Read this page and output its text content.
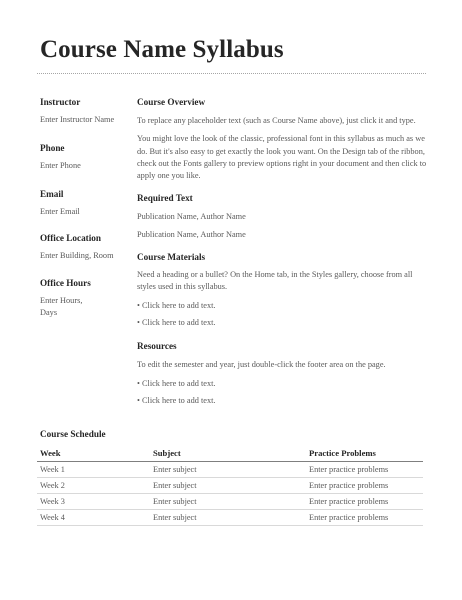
Course Name Syllabus
Instructor

Enter Instructor Name

Phone

Enter Phone

Email

Enter Email

Office Location

Enter Building, Room

Office Hours

Enter Hours,

Days

Course Overview

To replace any placeholder text (such as Course Name above), just click it and type.

You might love the look of the classic, professional font in this syllabus as much as we do. But it's also easy to get exactly the look you want. On the Design tab of the ribbon, check out the Fonts gallery to preview options right in your document and then click to apply one you like.

Required Text

Publication Name, Author Name

Publication Name, Author Name

Course Materials

Need a heading or a bullet? On the Home tab, in the Styles gallery, choose from all styles used in this syllabus.

• Click here to add text.

• Click here to add text.

Resources

To edit the semester and year, just double-click the footer area on the page.

• Click here to add text.

• Click here to add text.

Course Schedule
Week	Subject	Practice Problems
Week 1	Enter subject	Enter practice problems
Week 2	Enter subject	Enter practice problems
Week 3	Enter subject	Enter practice problems
Week 4	Enter subject	Enter practice problems
